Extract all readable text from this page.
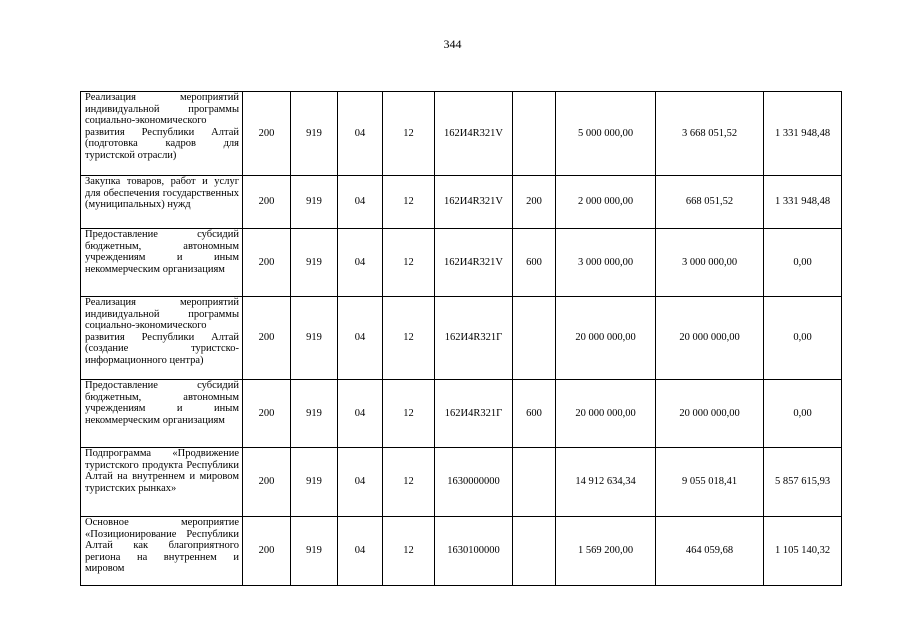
344
Реализация мероприятий индивидуальной программы социально-экономического развития Республики Алтай (подготовка кадров для туристской отрасли)	200	919	04	12	162И4R321V		5 000 000,00	3 668 051,52	1 331 948,48
Закупка товаров, работ и услуг для обеспечения государственных (муниципальных) нужд	200	919	04	12	162И4R321V	200	2 000 000,00	668 051,52	1 331 948,48
Предоставление субсидий бюджетным, автономным учреждениям и иным некоммерческим организациям	200	919	04	12	162И4R321V	600	3 000 000,00	3 000 000,00	0,00
Реализация мероприятий индивидуальной программы социально-экономического развития Республики Алтай (создание туристско-информационного центра)	200	919	04	12	162И4R321Г		20 000 000,00	20 000 000,00	0,00
Предоставление субсидий бюджетным, автономным учреждениям и иным некоммерческим организациям	200	919	04	12	162И4R321Г	600	20 000 000,00	20 000 000,00	0,00
Подпрограмма «Продвижение туристского продукта Республики Алтай на внутреннем и мировом туристских рынках»	200	919	04	12	1630000000		14 912 634,34	9 055 018,41	5 857 615,93
Основное мероприятие «Позиционирование Республики Алтай как благоприятного региона на внутреннем и мировом	200	919	04	12	1630100000		1 569 200,00	464 059,68	1 105 140,32
